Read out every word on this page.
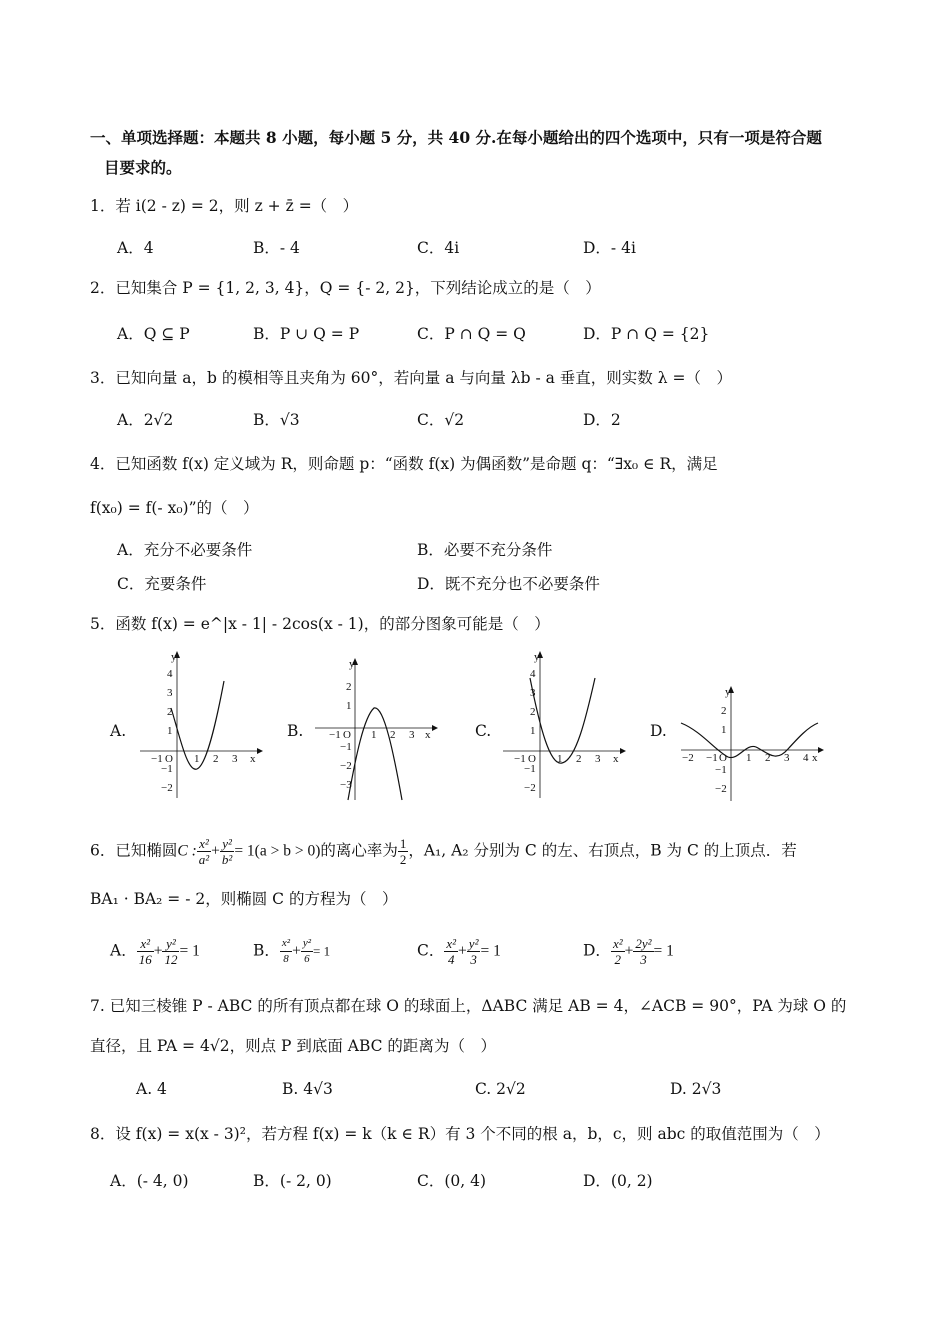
一、单项选择题：本题共 8 小题，每小题 5 分，共 40 分.在每小题给出的四个选项中，只有一项是符合题
目要求的。
1．若 i(2 - z) = 2，则 z + z̄ =（　）
A．4	B．- 4	C．4i	D．- 4i
2．已知集合 P = {1, 2, 3, 4}，Q = {- 2, 2}，下列结论成立的是（　）
A．Q ⊆ P	B．P ∪ Q = P	C．P ∩ Q = Q	D．P ∩ Q = {2}
3．已知向量 a，b 的模相等且夹角为 60°，若向量 a 与向量 λb - a 垂直，则实数 λ =（　）
A．2√2	B．√3	C．√2	D．2
4．已知函数 f(x) 定义域为 R，则命题 p：“函数 f(x) 为偶函数”是命题 q：“∃x₀ ∈ R，满足
f(x₀) = f(- x₀)”的（　）
A．充分不必要条件	B．必要不充分条件
C．充要条件	D．既不充分也不必要条件
5．函数 f(x) = e^|x - 1| - 2cos(x - 1)，的部分图象可能是（　）
A.
y
x
O
4
3
2
1
−1
−2
−1	1 2 3
B.
y
x
O
2
1
−1
−2
−3
−1	1 2 3	C.
y
x
O
4
3
2
1
−1
−2
−1	1 2 3
D.
y
x
O
2
1
−1
−2
−2 −1	1 2 3 4
6．已知椭圆C : $\frac{\text{x²}}{\text{a²}} + \frac{\text{y²}}{\text{b²}} = 1(a > b > 0)$的离心率为 $\frac{1}{2}$ ，A₁, A₂ 分别为 C 的左、右顶点，B 为 C 的上顶点．若
BA₁ · BA₂ = - 2，则椭圆 C 的方程为（　）
A． $\frac{\text{x²}}{16} + \frac{\text{y²}}{12} = 1$	B． $\frac{\text{x²}}{8} + \frac{\text{y²}}{6} = 1$	C． $\frac{\text{x²}}{4} + \frac{\text{y²}}{3} = 1$	D． $\frac{\text{x²}}{2} + \frac{\text{2y²}}{3} = 1$
7. 已知三棱锥 P - ABC 的所有顶点都在球 O 的球面上，ΔABC 满足 AB = 4，∠ACB = 90°，PA 为球 O 的
直径，且 PA = 4√2，则点 P 到底面 ABC 的距离为（　）
A. 4	B. 4√3	C. 2√2	D. 2√3
8．设 f(x) = x(x - 3)²，若方程 f(x) = k（k ∈ R）有 3 个不同的根 a，b，c，则 abc 的取值范围为（　）
A．(- 4, 0)	B．(- 2, 0)	C．(0, 4)	D．(0, 2)
